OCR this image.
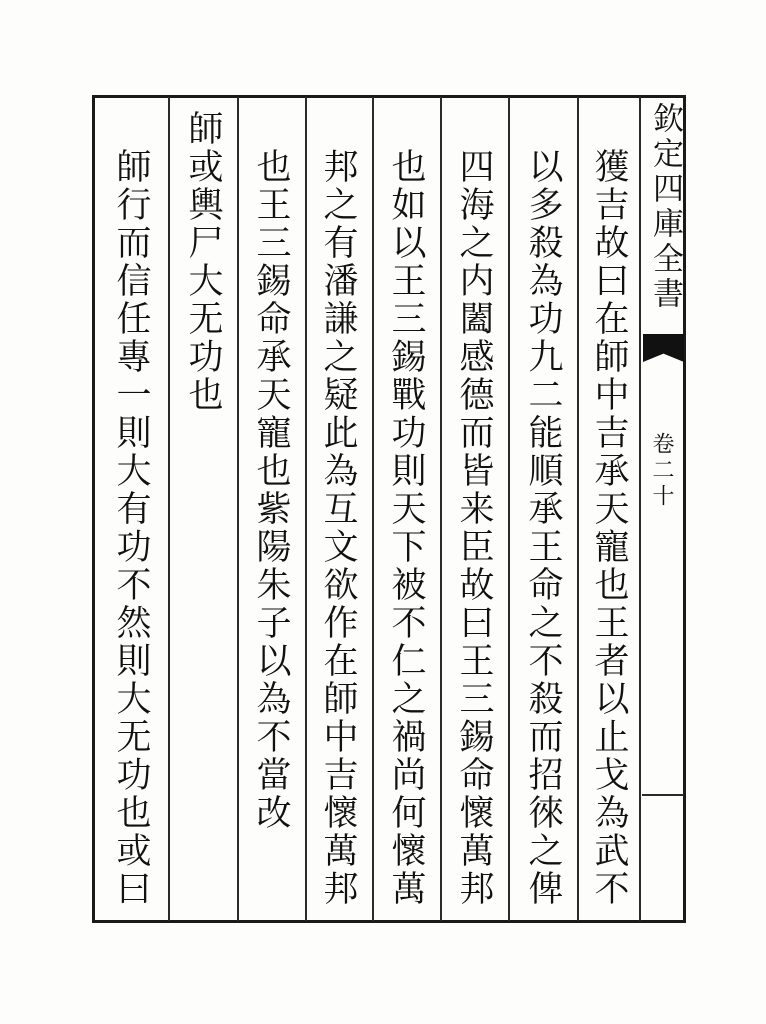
欽定四庫全書
卷二十
獲吉故曰在師中吉承天寵也王者以止戈為武不
以多殺為功九二能順承王命之不殺而招徠之俾
四海之内闔感德而皆来臣故曰王三錫命懷萬邦
也如以王三錫戰功則天下被不仁之禍尚何懷萬
邦之有潘謙之疑此為互文欲作在師中吉懷萬邦
也王三錫命承天寵也紫陽朱子以為不當改
師或輿尸大无功也
師行而信任專一則大有功不然則大无功也或曰
